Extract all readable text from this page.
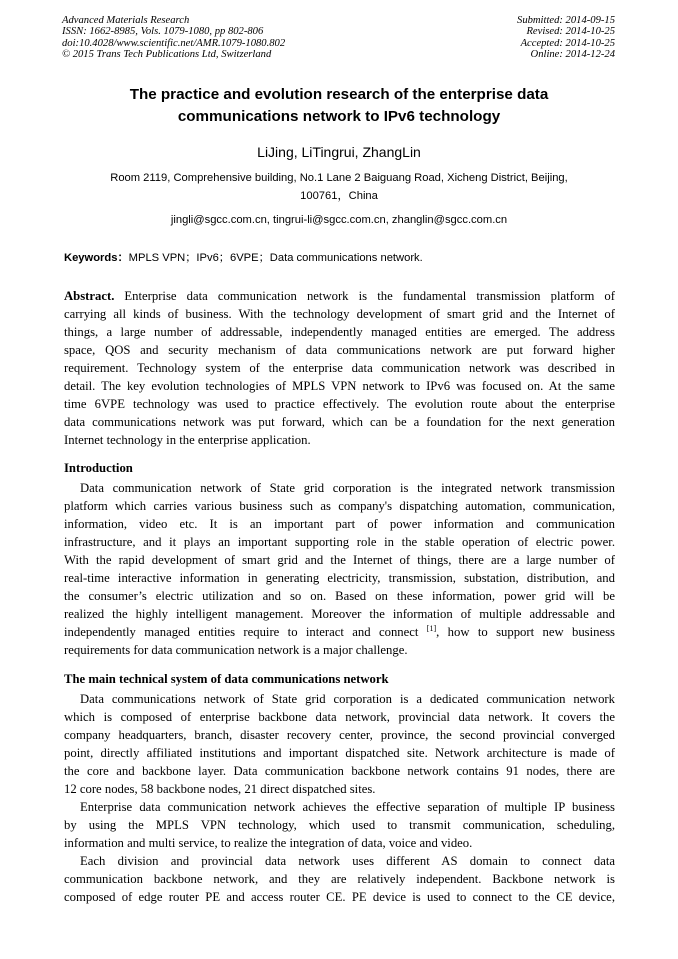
Advanced Materials Research
ISSN: 1662-8985, Vols. 1079-1080, pp 802-806
doi:10.4028/www.scientific.net/AMR.1079-1080.802
© 2015 Trans Tech Publications Ltd, Switzerland
Submitted: 2014-09-15
Revised: 2014-10-25
Accepted: 2014-10-25
Online: 2014-12-24
The practice and evolution research of the enterprise data
communications network to IPv6 technology
LiJing, LiTingrui, ZhangLin
Room 2119, Comprehensive building, No.1 Lane 2 Baiguang Road, Xicheng District, Beijing,
100761，China
jingli@sgcc.com.cn, tingrui-li@sgcc.com.cn, zhanglin@sgcc.com.cn
Keywords：MPLS VPN；IPv6；6VPE；Data communications network.
Abstract. Enterprise data communication network is the fundamental transmission platform of
carrying all kinds of business. With the technology development of smart grid and the Internet of
things, a large number of addressable, independently managed entities are emerged. The address
space, QOS and security mechanism of data communications network are put forward higher
requirement. Technology system of the enterprise data communication network was described in
detail. The key evolution technologies of MPLS VPN network to IPv6 was focused on. At the same
time 6VPE technology was used to practice effectively. The evolution route about the enterprise
data communications network was put forward, which can be a foundation for the next generation
Internet technology in the enterprise application.
Introduction
Data communication network of State grid corporation is the integrated network transmission
platform which carries various business such as company's dispatching automation, communication,
information, video etc. It is an important part of power information and communication
infrastructure, and it plays an important supporting role in the stable operation of electric power.
With the rapid development of smart grid and the Internet of things, there are a large number of
real-time interactive information in generating electricity, transmission, substation, distribution, and
the consumer’s electric utilization and so on. Based on these information, power grid will be
realized the highly intelligent management. Moreover the information of multiple addressable and
independently managed entities require to interact and connect [1], how to support new business
requirements for data communication network is a major challenge.
The main technical system of data communications network
Data communications network of State grid corporation is a dedicated communication network
which is composed of enterprise backbone data network, provincial data network. It covers the
company headquarters, branch, disaster recovery center, province, the second provincial converged
point, directly affiliated institutions and important dispatched site. Network architecture is made of
the core and backbone layer. Data communication backbone network contains 91 nodes, there are
12 core nodes, 58 backbone nodes, 21 direct dispatched sites.
Enterprise data communication network achieves the effective separation of multiple IP business
by using the MPLS VPN technology, which used to transmit communication, scheduling,
information and multi service, to realize the integration of data, voice and video.
Each division and provincial data network uses different AS domain to connect data
communication backbone network, and they are relatively independent. Backbone network is
composed of edge router PE and access router CE. PE device is used to connect to the CE device,
